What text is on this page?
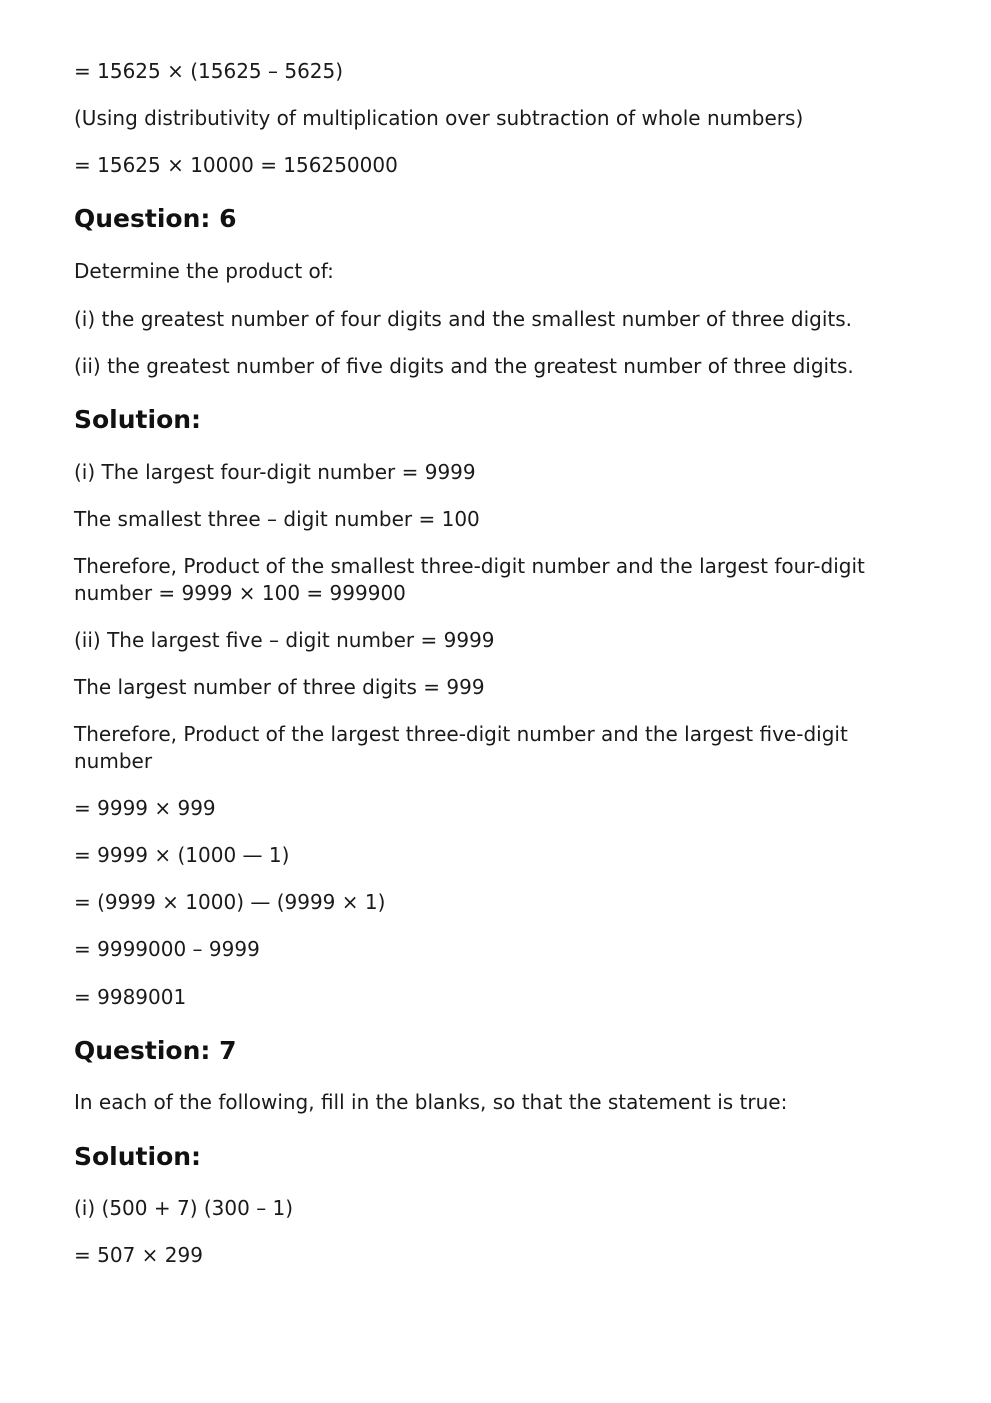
= 15625 × (15625 – 5625)
(Using distributivity of multiplication over subtraction of whole numbers)
= 15625 × 10000 = 156250000
Question: 6
Determine the product of:
(i) the greatest number of four digits and the smallest number of three digits.
(ii) the greatest number of five digits and the greatest number of three digits.
Solution:
(i) The largest four-digit number = 9999
The smallest three – digit number = 100
Therefore, Product of the smallest three-digit number and the largest four-digit number = 9999 × 100 = 999900
(ii) The largest five – digit number = 9999
The largest number of three digits = 999
Therefore, Product of the largest three-digit number and the largest five-digit number
= 9999 × 999
= 9999 × (1000 — 1)
= (9999 × 1000) — (9999 × 1)
= 9999000 – 9999
= 9989001
Question: 7
In each of the following, fill in the blanks, so that the statement is true:
Solution:
(i) (500 + 7) (300 – 1)
= 507 × 299
